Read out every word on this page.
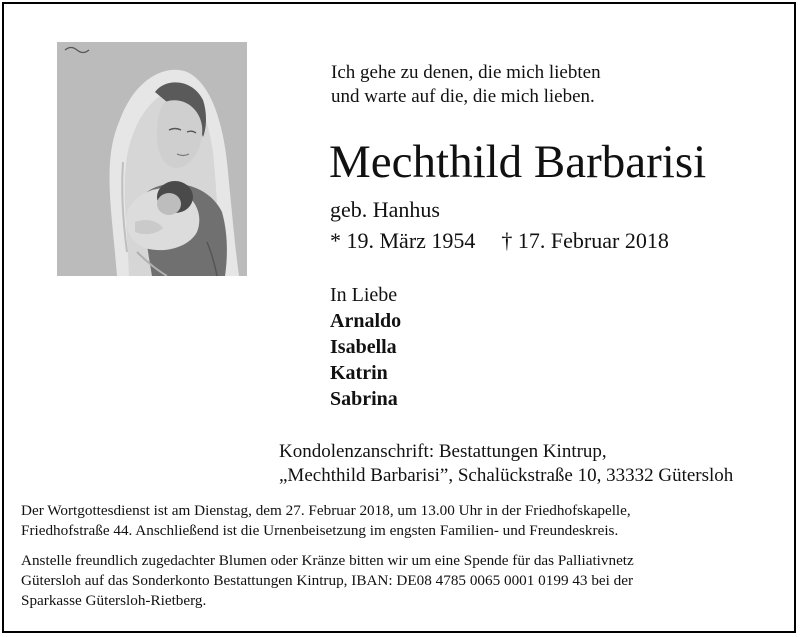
Ich gehe zu denen, die mich liebten
und warte auf die, die mich lieben.
Mechthild Barbarisi
geb. Hanhus
* 19. März 1954 † 17. Februar 2018
In Liebe
Arnaldo
Isabella
Katrin
Sabrina
Kondolenzanschrift: Bestattungen Kintrup,
„Mechthild Barbarisi”, Schalückstraße 10, 33332 Gütersloh
Der Wortgottesdienst ist am Dienstag, dem 27. Februar 2018, um 13.00 Uhr in der Friedhofskapelle,
Friedhofstraße 44. Anschließend ist die Urnenbeisetzung im engsten Familien- und Freundeskreis.
Anstelle freundlich zugedachter Blumen oder Kränze bitten wir um eine Spende für das Palliativnetz
Gütersloh auf das Sonderkonto Bestattungen Kintrup, IBAN: DE08 4785 0065 0001 0199 43 bei der
Sparkasse Gütersloh-Rietberg.
